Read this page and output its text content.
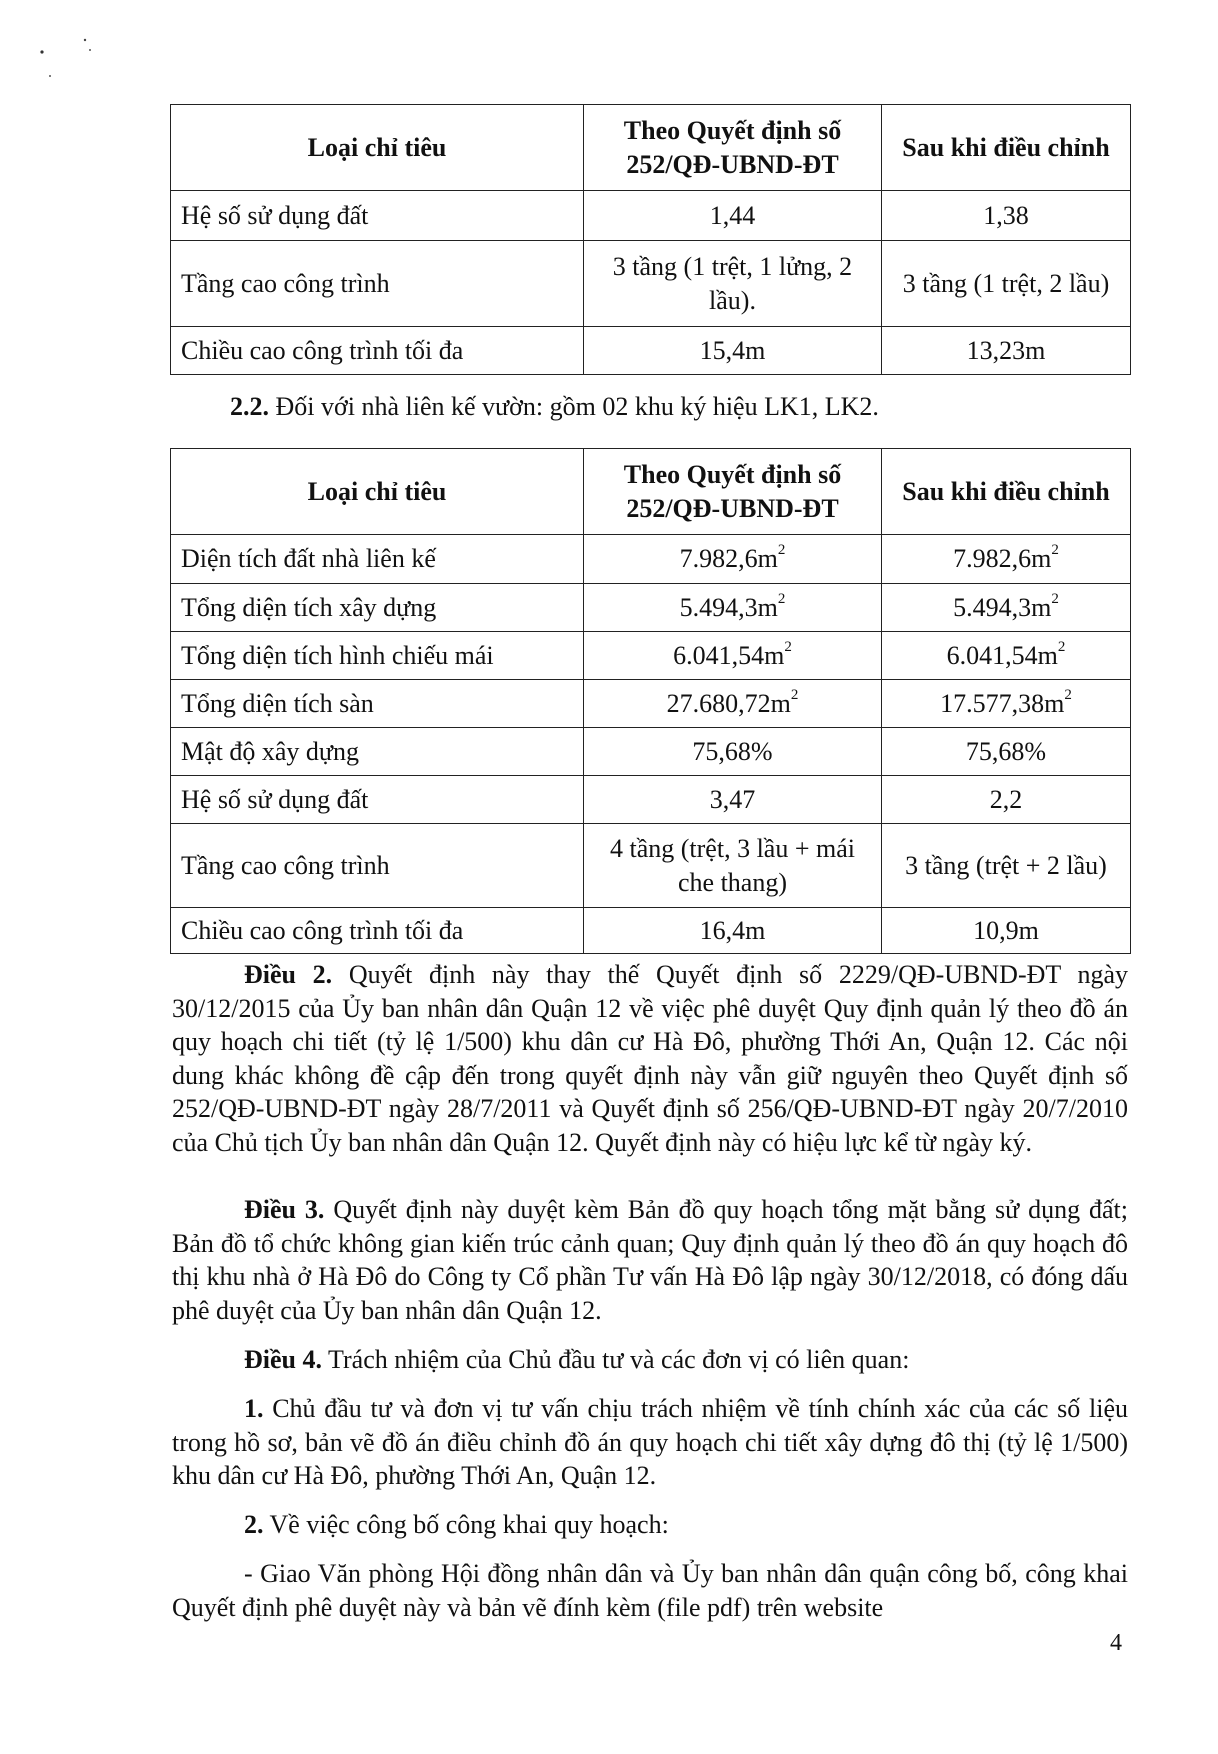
Loại chỉ tiêu	Theo Quyết định số 252/QĐ-UBND-ĐT	Sau khi điều chỉnh
Hệ số sử dụng đất	1,44	1,38
Tầng cao công trình	3 tầng (1 trệt, 1 lửng, 2 lầu).	3 tầng (1 trệt, 2 lầu)
Chiều cao công trình tối đa	15,4m	13,23m
2.2. Đối với nhà liên kế vườn: gồm 02 khu ký hiệu LK1, LK2.
Loại chỉ tiêu	Theo Quyết định số 252/QĐ-UBND-ĐT	Sau khi điều chỉnh
Diện tích đất nhà liên kế	$7.982,6m^2$	$7.982,6m^2$
Tổng diện tích xây dựng	$5.494,3m^2$	$5.494,3m^2$
Tổng diện tích hình chiếu mái	$6.041,54m^2$	$6.041,54m^2$
Tổng diện tích sàn	$27.680,72m^2$	$17.577,38m^2$
Mật độ xây dựng	75,68%	75,68%
Hệ số sử dụng đất	3,47	2,2
Tầng cao công trình	4 tầng (trệt, 3 lầu + mái che thang)	3 tầng (trệt + 2 lầu)
Chiều cao công trình tối đa	16,4m	10,9m

Điều 2. Quyết định này thay thế Quyết định số 2229/QĐ-UBND-ĐT ngày 30/12/2015 của Ủy ban nhân dân Quận 12 về việc phê duyệt Quy định quản lý theo đồ án quy hoạch chi tiết (tỷ lệ 1/500) khu dân cư Hà Đô, phường Thới An, Quận 12. Các nội dung khác không đề cập đến trong quyết định này vẫn giữ nguyên theo Quyết định số 252/QĐ-UBND-ĐT ngày 28/7/2011 và Quyết định số 256/QĐ-UBND-ĐT ngày 20/7/2010 của Chủ tịch Ủy ban nhân dân Quận 12. Quyết định này có hiệu lực kể từ ngày ký.

Điều 3. Quyết định này duyệt kèm Bản đồ quy hoạch tổng mặt bằng sử dụng đất; Bản đồ tổ chức không gian kiến trúc cảnh quan; Quy định quản lý theo đồ án quy hoạch đô thị khu nhà ở Hà Đô do Công ty Cổ phần Tư vấn Hà Đô lập ngày 30/12/2018, có đóng dấu phê duyệt của Ủy ban nhân dân Quận 12.

Điều 4. Trách nhiệm của Chủ đầu tư và các đơn vị có liên quan:

1. Chủ đầu tư và đơn vị tư vấn chịu trách nhiệm về tính chính xác của các số liệu trong hồ sơ, bản vẽ đồ án điều chỉnh đồ án quy hoạch chi tiết xây dựng đô thị (tỷ lệ 1/500) khu dân cư Hà Đô, phường Thới An, Quận 12.

2. Về việc công bố công khai quy hoạch:

- Giao Văn phòng Hội đồng nhân dân và Ủy ban nhân dân quận công bố, công khai Quyết định phê duyệt này và bản vẽ đính kèm (file pdf) trên website

4
